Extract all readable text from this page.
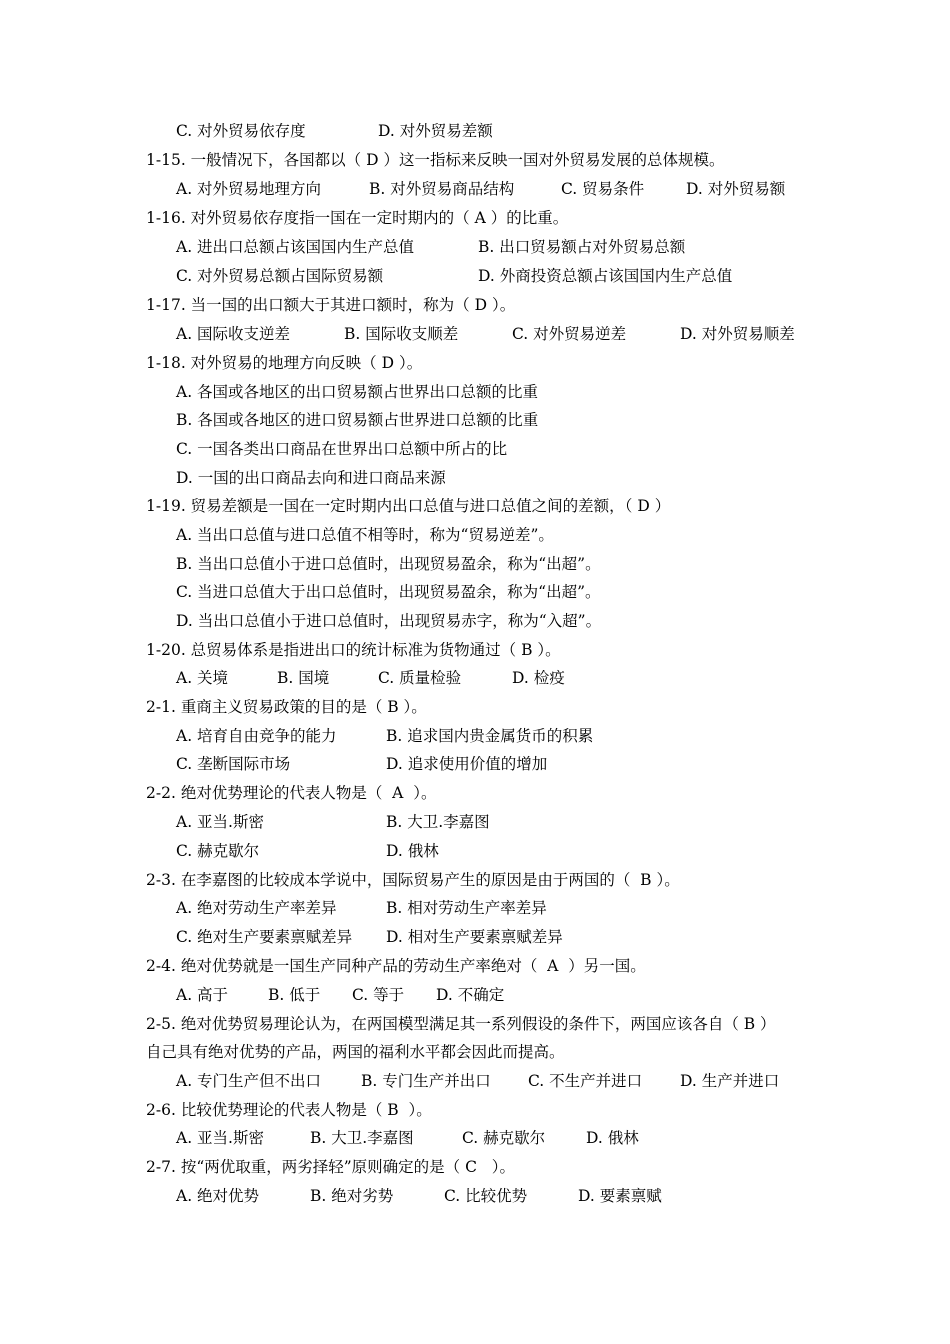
C. 对外贸易依存度	D. 对外贸易差额
1-15. 一般情况下，各国都以（ D ）这一指标来反映一国对外贸易发展的总体规模。
A. 对外贸易地理方向	B. 对外贸易商品结构	C. 贸易条件	D. 对外贸易额
1-16. 对外贸易依存度指一国在一定时期内的（ A ）的比重。
A. 进出口总额占该国国内生产总值	B. 出口贸易额占对外贸易总额
C. 对外贸易总额占国际贸易额	D. 外商投资总额占该国国内生产总值
1-17. 当一国的出口额大于其进口额时，称为（ D ）。
A. 国际收支逆差	B. 国际收支顺差	C. 对外贸易逆差	D. 对外贸易顺差
1-18. 对外贸易的地理方向反映（ D ）。
A. 各国或各地区的出口贸易额占世界出口总额的比重
B. 各国或各地区的进口贸易额占世界进口总额的比重
C. 一国各类出口商品在世界出口总额中所占的比
D. 一国的出口商品去向和进口商品来源
1-19. 贸易差额是一国在一定时期内出口总值与进口总值之间的差额，（ D ）
A. 当出口总值与进口总值不相等时，称为“贸易逆差”。
B. 当出口总值小于进口总值时，出现贸易盈余，称为“出超”。
C. 当进口总值大于出口总值时，出现贸易盈余，称为“出超”。
D. 当出口总值小于进口总值时，出现贸易赤字，称为“入超”。
1-20. 总贸易体系是指进出口的统计标准为货物通过（ B ）。
A. 关境	B. 国境	C. 质量检验	D. 检疫
2-1. 重商主义贸易政策的目的是（ B ）。
A. 培育自由竞争的能力	B. 追求国内贵金属货币的积累
C. 垄断国际市场	D. 追求使用价值的增加
2-2. 绝对优势理论的代表人物是（  A  ）。
A. 亚当.斯密	B. 大卫.李嘉图
C. 赫克歇尔	D. 俄林
2-3. 在李嘉图的比较成本学说中，国际贸易产生的原因是由于两国的（  B ）。
A. 绝对劳动生产率差异	B. 相对劳动生产率差异
C. 绝对生产要素禀赋差异 D. 相对生产要素禀赋差异
2-4. 绝对优势就是一国生产同种产品的劳动生产率绝对（  A  ）另一国。
A. 高于	B. 低于 C. 等于 D. 不确定
2-5. 绝对优势贸易理论认为，在两国模型满足其一系列假设的条件下，两国应该各自（ B ）
自己具有绝对优势的产品，两国的福利水平都会因此而提高。
A. 专门生产但不出口	B. 专门生产并出口 C. 不生产并进口 D. 生产并进口
2-6. 比较优势理论的代表人物是（ B  ）。
A. 亚当.斯密	B. 大卫.李嘉图	C. 赫克歇尔	D. 俄林
2-7. 按“两优取重，两劣择轻”原则确定的是（ C   ）。
A. 绝对优势	B. 绝对劣势	C. 比较优势	D. 要素禀赋
